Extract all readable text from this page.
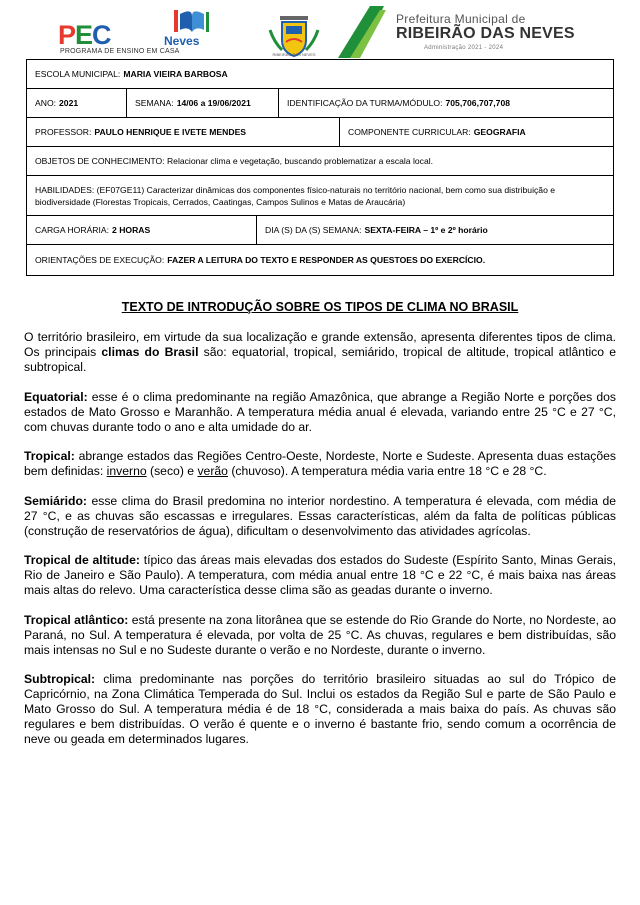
PEC	Neves
PROGRAMA DE ENSINO EM CASA	RIBEIRÃO DAS NEVES
Prefeitura Municipal de
RIBEIRÃO DAS NEVES
Administração 2021 - 2024
ESCOLA MUNICIPAL: MARIA VIEIRA BARBOSA
ANO: 2021	SEMANA: 14/06 a 19/06/2021	IDENTIFICAÇÃO DA TURMA/MÓDULO: 705,706,707,708
PROFESSOR: PAULO HENRIQUE E IVETE MENDES	COMPONENTE CURRICULAR: GEOGRAFIA
OBJETOS DE CONHECIMENTO:
Relacionar clima e vegetação, buscando problematizar a escala local.
HABILIDADES: (EF07GE11) Caracterizar dinâmicas dos componentes físico-naturais no território nacional, bem como sua distribuição e biodiversidade (Florestas Tropicais, Cerrados, Caatingas, Campos Sulinos e Matas de Araucária)
CARGA HORÁRIA: 2 HORAS	DIA (S) DA (S) SEMANA: SEXTA-FEIRA – 1º e 2º horário
ORIENTAÇÕES DE EXECUÇÃO: FAZER A LEITURA DO TEXTO E RESPONDER AS QUESTOES DO EXERCÍCIO.
TEXTO DE INTRODUÇÃO SOBRE OS TIPOS DE CLIMA NO BRASIL

O território brasileiro, em virtude da sua localização e grande extensão, apresenta diferentes tipos de clima. Os principais climas do Brasil são: equatorial, tropical, semiárido, tropical de altitude, tropical atlântico e subtropical.

Equatorial: esse é o clima predominante na região Amazônica, que abrange a Região Norte e porções dos estados de Mato Grosso e Maranhão. A temperatura média anual é elevada, variando entre 25 °C e 27 °C, com chuvas durante todo o ano e alta umidade do ar.

Tropical: abrange estados das Regiões Centro-Oeste, Nordeste, Norte e Sudeste. Apresenta duas estações bem definidas: inverno (seco) e verão (chuvoso). A temperatura média varia entre 18 °C e 28 °C.

Semiárido: esse clima do Brasil predomina no interior nordestino. A temperatura é elevada, com média de 27 °C, e as chuvas são escassas e irregulares. Essas características, além da falta de políticas públicas (construção de reservatórios de água), dificultam o desenvolvimento das atividades agrícolas.

Tropical de altitude: típico das áreas mais elevadas dos estados do Sudeste (Espírito Santo, Minas Gerais, Rio de Janeiro e São Paulo). A temperatura, com média anual entre 18 °C e 22 °C, é mais baixa nas áreas mais altas do relevo. Uma característica desse clima são as geadas durante o inverno.

Tropical atlântico: está presente na zona litorânea que se estende do Rio Grande do Norte, no Nordeste, ao Paraná, no Sul. A temperatura é elevada, por volta de 25 °C. As chuvas, regulares e bem distribuídas, são mais intensas no Sul e no Sudeste durante o verão e no Nordeste, durante o inverno.

Subtropical: clima predominante nas porções do território brasileiro situadas ao sul do Trópico de Capricórnio, na Zona Climática Temperada do Sul. Inclui os estados da Região Sul e parte de São Paulo e Mato Grosso do Sul. A temperatura média é de 18 °C, considerada a mais baixa do país. As chuvas são regulares e bem distribuídas. O verão é quente e o inverno é bastante frio, sendo comum a ocorrência de neve ou geada em determinados lugares.
